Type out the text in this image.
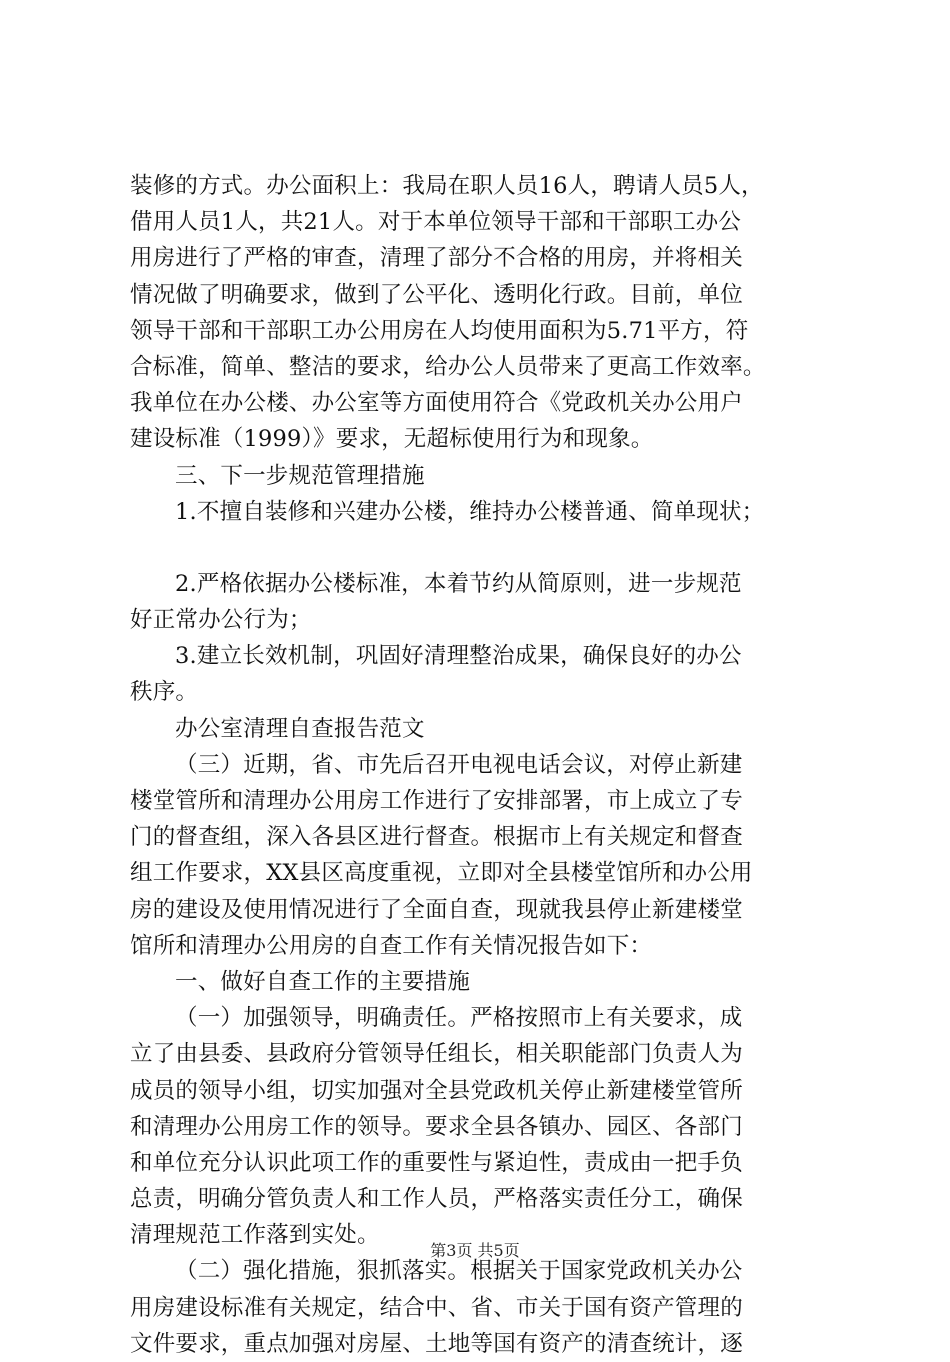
装修的方式。办公面积上：我局在职人员16人，聘请人员5人，
借用人员1人，共21人。对于本单位领导干部和干部职工办公
用房进行了严格的审查，清理了部分不合格的用房，并将相关
情况做了明确要求，做到了公平化、透明化行政。目前，单位
领导干部和干部职工办公用房在人均使用面积为5.71平方，符
合标准，简单、整洁的要求，给办公人员带来了更高工作效率。
我单位在办公楼、办公室等方面使用符合《党政机关办公用户
建设标准（1999）》要求，无超标使用行为和现象。
三、下一步规范管理措施
1.不擅自装修和兴建办公楼，维持办公楼普通、简单现状；
2.严格依据办公楼标准，本着节约从简原则，进一步规范
好正常办公行为；
3.建立长效机制，巩固好清理整治成果，确保良好的办公
秩序。
办公室清理自查报告范文
（三）近期，省、市先后召开电视电话会议，对停止新建
楼堂管所和清理办公用房工作进行了安排部署，市上成立了专
门的督查组，深入各县区进行督查。根据市上有关规定和督查
组工作要求，XX县区高度重视，立即对全县楼堂馆所和办公用
房的建设及使用情况进行了全面自查，现就我县停止新建楼堂
馆所和清理办公用房的自查工作有关情况报告如下：
一、做好自查工作的主要措施
（一）加强领导，明确责任。严格按照市上有关要求，成
立了由县委、县政府分管领导任组长，相关职能部门负责人为
成员的领导小组，切实加强对全县党政机关停止新建楼堂管所
和清理办公用房工作的领导。要求全县各镇办、园区、各部门
和单位充分认识此项工作的重要性与紧迫性，责成由一把手负
总责，明确分管负责人和工作人员，严格落实责任分工，确保
清理规范工作落到实处。
（二）强化措施，狠抓落实。根据关于国家党政机关办公
用房建设标准有关规定，结合中、省、市关于国有资产管理的
文件要求，重点加强对房屋、土地等国有资产的清查统计，逐
第3页 共5页
